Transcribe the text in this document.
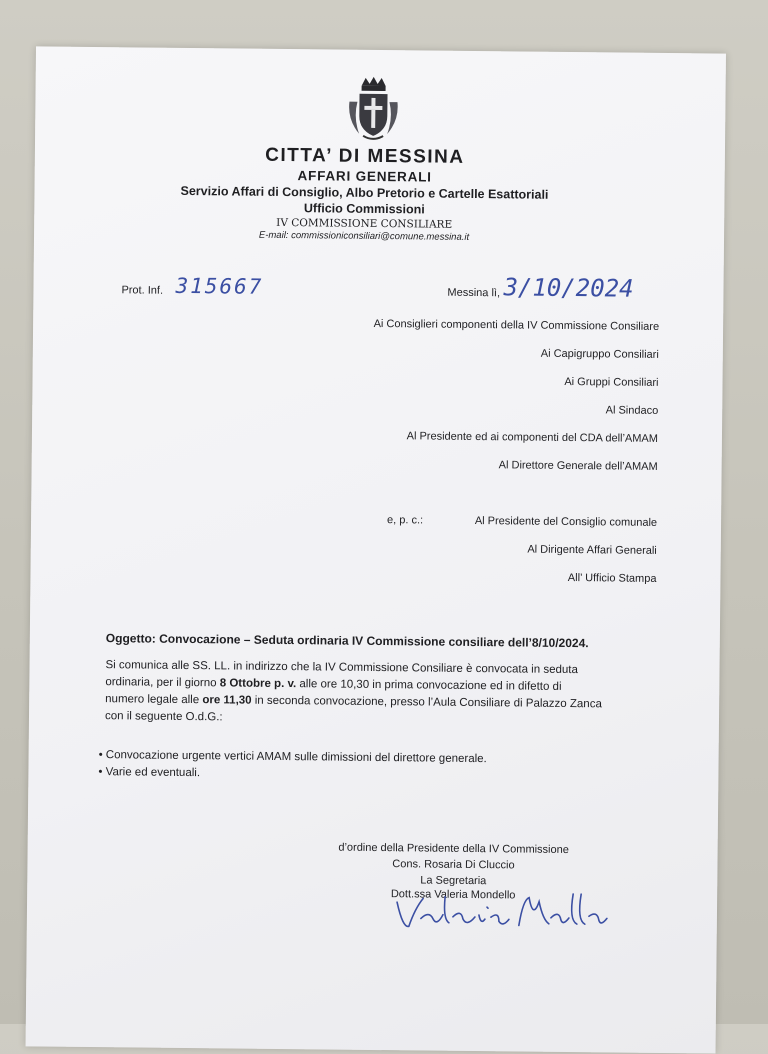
CITTA’ DI MESSINA
AFFARI GENERALI
Servizio Affari di Consiglio, Albo Pretorio e Cartelle Esattoriali
Ufficio Commissioni
IV COMMISSIONE CONSILIARE
E-mail: commissioniconsiliari@comune.messina.it
Prot. Inf. 315667	Messina lì, 3/10/2024
Ai Consiglieri componenti della IV Commissione Consiliare
Ai Capigruppo Consiliari
Ai Gruppi Consiliari
Al Sindaco
Al Presidente ed ai componenti del CDA dell’AMAM
Al Direttore Generale dell’AMAM
e, p. c.:	Al Presidente del Consiglio comunale
Al Dirigente Affari Generali
All’ Ufficio Stampa
Oggetto: Convocazione – Seduta ordinaria IV Commissione consiliare dell’8/10/2024.
Si comunica alle SS. LL. in indirizzo che la IV Commissione Consiliare è convocata in seduta
ordinaria, per il giorno 8 Ottobre p. v. alle ore 10,30 in prima convocazione ed in difetto di
numero legale alle ore 11,30 in seconda convocazione, presso l’Aula Consiliare di Palazzo Zanca
con il seguente O.d.G.:
• Convocazione urgente vertici AMAM sulle dimissioni del direttore generale.
• Varie ed eventuali.
d’ordine della Presidente della IV Commissione
Cons. Rosaria Di Cluccio
La Segretaria
Dott.ssa Valeria Mondello
